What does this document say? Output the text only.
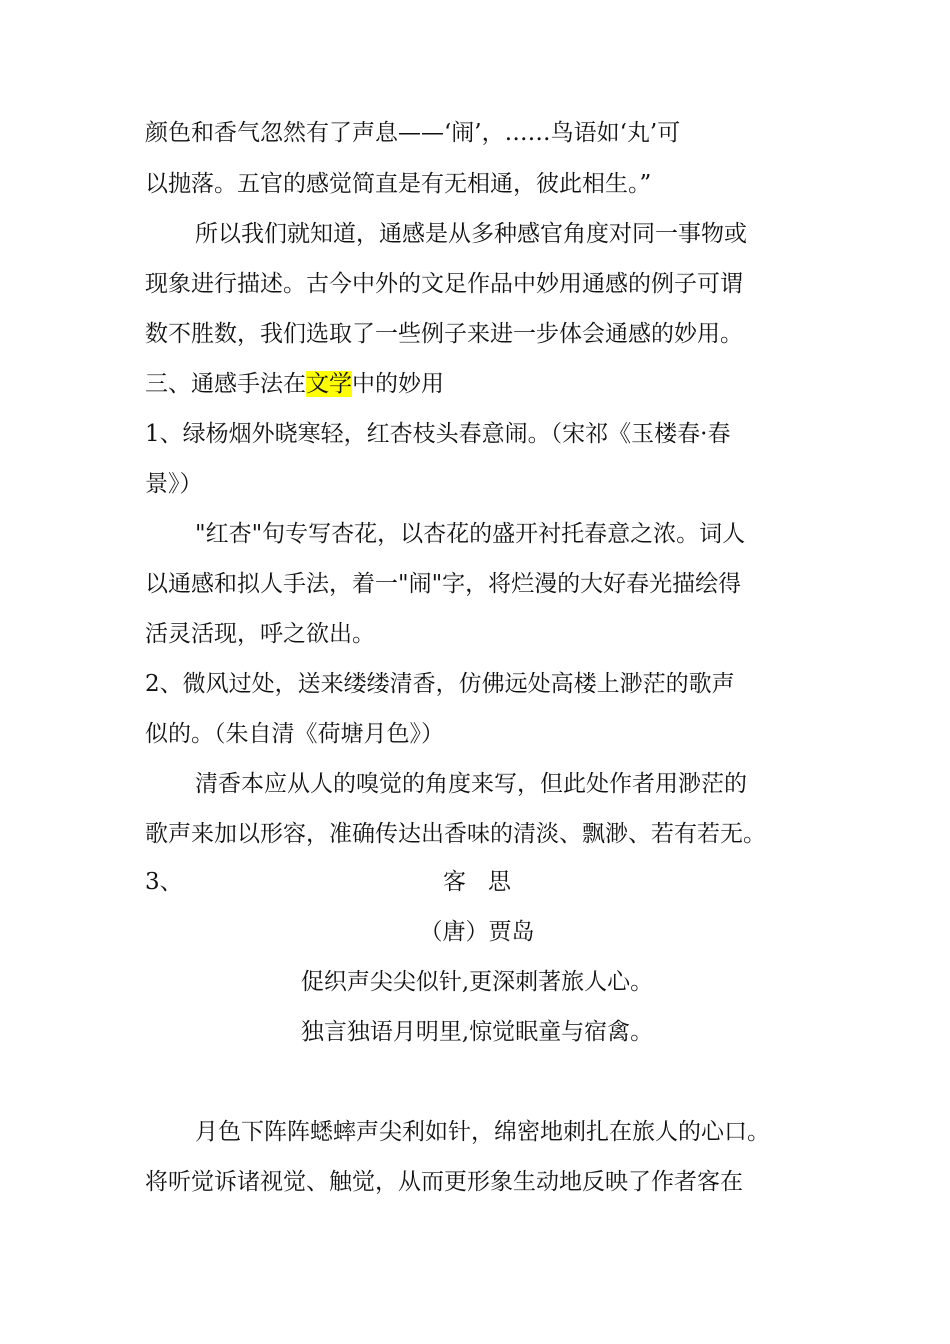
颜色和香气忽然有了声息——‘闹’，……鸟语如‘丸’可
以抛落。五官的感觉简直是有无相通，彼此相生。”
所以我们就知道，通感是从多种感官角度对同一事物或
现象进行描述。古今中外的文足作品中妙用通感的例子可谓
数不胜数，我们选取了一些例子来进一步体会通感的妙用。
三、通感手法在文学中的妙用
1、绿杨烟外晓寒轻，红杏枝头春意闹。（宋祁《玉楼春·春
景》）
"红杏"句专写杏花，以杏花的盛开衬托春意之浓。词人
以通感和拟人手法，着一"闹"字，将烂漫的大好春光描绘得
活灵活现，呼之欲出。
2、微风过处，送来缕缕清香，仿佛远处高楼上渺茫的歌声
似的。（朱自清《荷塘月色》）
清香本应从人的嗅觉的角度来写，但此处作者用渺茫的
歌声来加以形容，准确传达出香味的清淡、飘渺、若有若无。
3、	客思
（唐）贾岛
促织声尖尖似针,更深刺著旅人心。
独言独语月明里,惊觉眠童与宿禽。
月色下阵阵蟋蟀声尖利如针，绵密地刺扎在旅人的心口。
将听觉诉诸视觉、触觉，从而更形象生动地反映了作者客在
